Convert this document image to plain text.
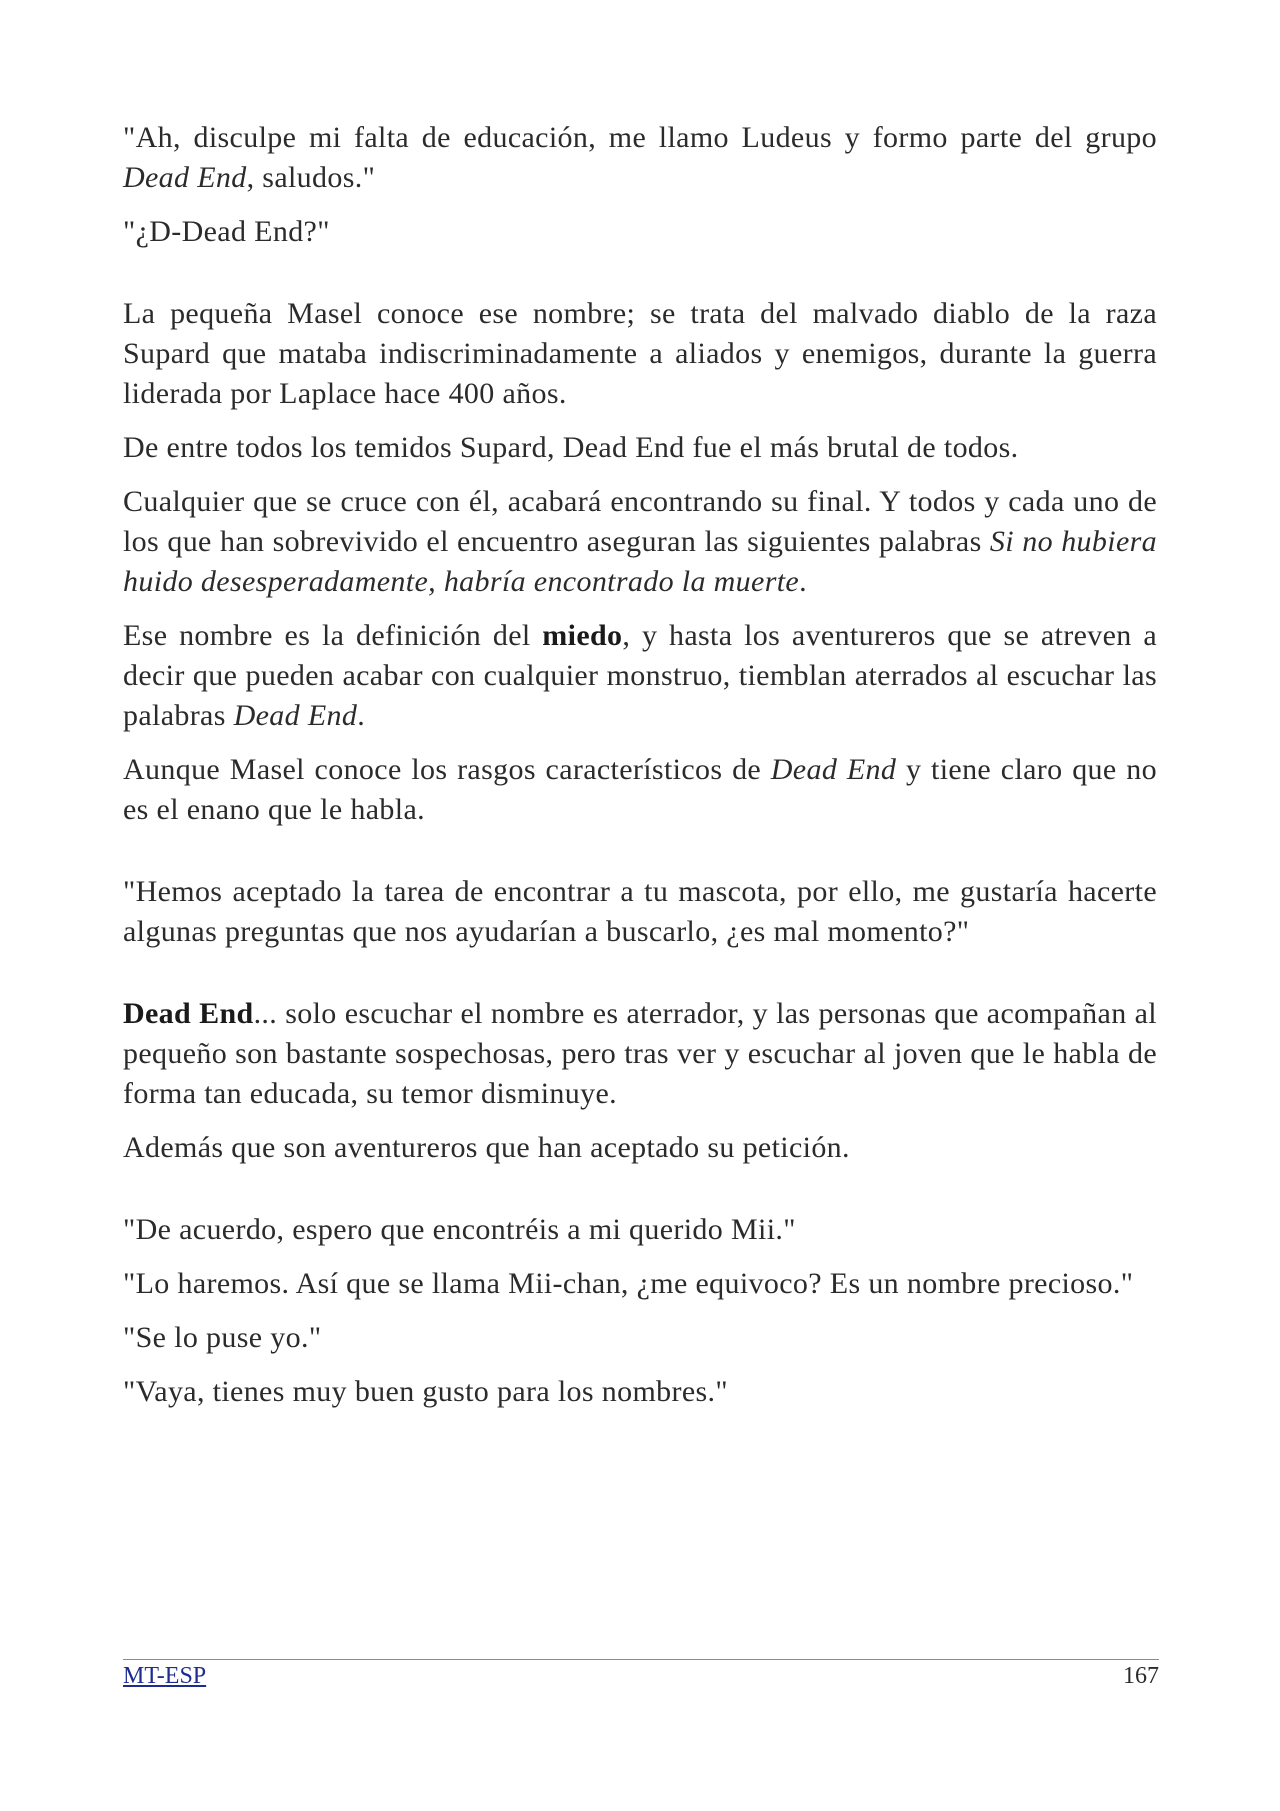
"Ah, disculpe mi falta de educación, me llamo Ludeus y formo parte del grupo Dead End, saludos."

"¿D-Dead End?"

La pequeña Masel conoce ese nombre; se trata del malvado diablo de la raza Supard que mataba indiscriminadamente a aliados y enemigos, durante la guerra liderada por Laplace hace 400 años.

De entre todos los temidos Supard, Dead End fue el más brutal de todos.

Cualquier que se cruce con él, acabará encontrando su final. Y todos y cada uno de los que han sobrevivido el encuentro aseguran las siguientes palabras Si no hubiera huido desesperadamente, habría encontrado la muerte.

Ese nombre es la definición del miedo, y hasta los aventureros que se atreven a decir que pueden acabar con cualquier monstruo, tiemblan aterrados al escuchar las palabras Dead End.

Aunque Masel conoce los rasgos característicos de Dead End y tiene claro que no es el enano que le habla.

"Hemos aceptado la tarea de encontrar a tu mascota, por ello, me gustaría hacerte algunas preguntas que nos ayudarían a buscarlo, ¿es mal momento?"

Dead End... solo escuchar el nombre es aterrador, y las personas que acompañan al pequeño son bastante sospechosas, pero tras ver y escuchar al joven que le habla de forma tan educada, su temor disminuye.

Además que son aventureros que han aceptado su petición.

"De acuerdo, espero que encontréis a mi querido Mii."

"Lo haremos. Así que se llama Mii-chan, ¿me equivoco? Es un nombre precioso."

"Se lo puse yo."

"Vaya, tienes muy buen gusto para los nombres."

MT-ESP	167
